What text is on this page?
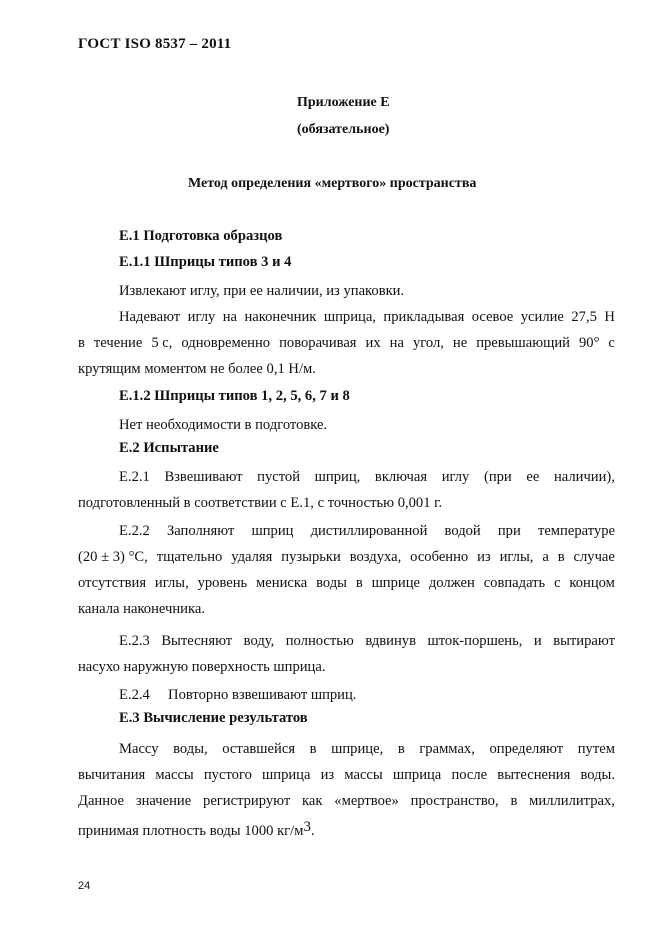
ГОСТ ISO 8537 – 2011
Приложение Е
(обязательное)
Метод определения «мертвого» пространства
Е.1 Подготовка образцов
Е.1.1 Шприцы типов 3 и 4
Извлекают иглу, при ее наличии, из упаковки.
Надевают иглу на наконечник шприца, прикладывая осевое усилие 27,5 Н
в течение 5 с, одновременно поворачивая их на угол, не превышающий 90° с
крутящим моментом не более 0,1 Н/м.
Е.1.2 Шприцы типов 1, 2, 5, 6, 7 и 8
Нет необходимости в подготовке.
Е.2 Испытание
Е.2.1 Взвешивают пустой шприц, включая иглу (при ее наличии),
подготовленный в соответствии с Е.1, с точностью 0,001 г.
Е.2.2 Заполняют шприц дистиллированной водой при температуре
(20 ± 3) °С, тщательно удаляя пузырьки воздуха, особенно из иглы, а в случае
отсутствия иглы, уровень мениска воды в шприце должен совпадать с концом
канала наконечника.
Е.2.3 Вытесняют воду, полностью вдвинув шток-поршень, и вытирают
насухо наружную поверхность шприца.
Е.2.4     Повторно взвешивают шприц.
Е.3 Вычисление результатов
Массу воды, оставшейся в шприце, в граммах, определяют путем
вычитания массы пустого шприца из массы шприца после вытеснения воды.
Данное значение регистрируют как «мертвое» пространство, в миллилитрах,
принимая плотность воды 1000 $кг/м^3$.
24
